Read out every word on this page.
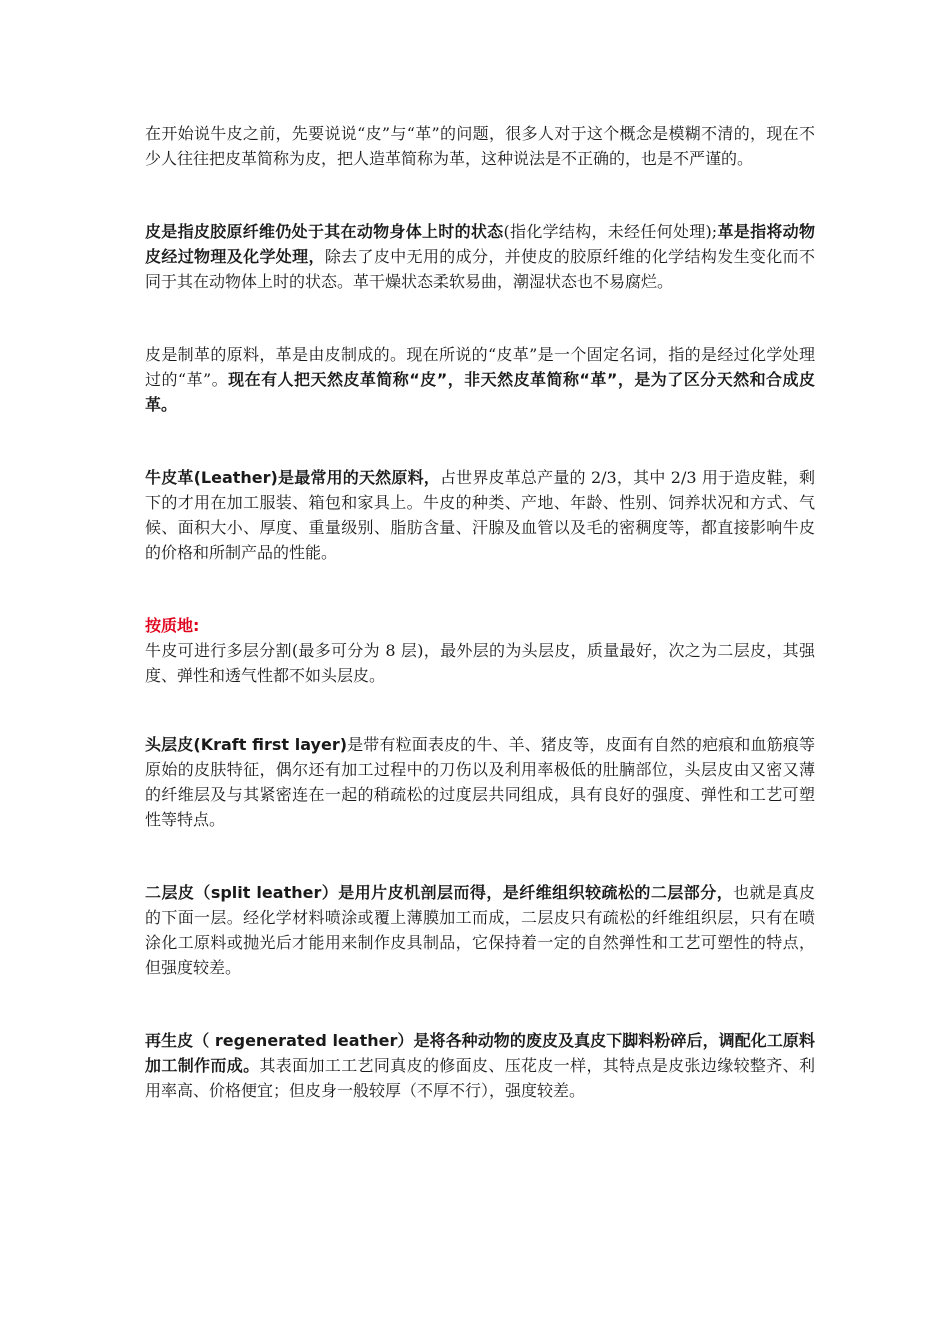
在开始说牛皮之前，先要说说“皮”与“革”的问题，很多人对于这个概念是模糊不清的，现在不少人往往把皮革简称为皮，把人造革简称为革，这种说法是不正确的，也是不严谨的。

皮是指皮胶原纤维仍处于其在动物身体上时的状态(指化学结构，未经任何处理);革是指将动物皮经过物理及化学处理，除去了皮中无用的成分，并使皮的胶原纤维的化学结构发生变化而不同于其在动物体上时的状态。革干燥状态柔软易曲，潮湿状态也不易腐烂。

皮是制革的原料，革是由皮制成的。现在所说的“皮革”是一个固定名词，指的是经过化学处理过的“革”。现在有人把天然皮革简称“皮”，非天然皮革简称“革”，是为了区分天然和合成皮革。

牛皮革(Leather)是最常用的天然原料，占世界皮革总产量的 2/3，其中 2/3 用于造皮鞋，剩下的才用在加工服装、箱包和家具上。牛皮的种类、产地、年龄、性别、饲养状况和方式、气候、面积大小、厚度、重量级别、脂肪含量、汗腺及血管以及毛的密稠度等，都直接影响牛皮的价格和所制产品的性能。

按质地:

牛皮可进行多层分割(最多可分为 8 层)，最外层的为头层皮，质量最好，次之为二层皮，其强度、弹性和透气性都不如头层皮。

头层皮(Kraft first layer)是带有粒面表皮的牛、羊、猪皮等，皮面有自然的疤痕和血筋痕等原始的皮肤特征，偶尔还有加工过程中的刀伤以及利用率极低的肚腩部位，头层皮由又密又薄的纤维层及与其紧密连在一起的稍疏松的过度层共同组成，具有良好的强度、弹性和工艺可塑性等特点。

二层皮（split leather）是用片皮机剖层而得，是纤维组织较疏松的二层部分，也就是真皮的下面一层。经化学材料喷涂或覆上薄膜加工而成，二层皮只有疏松的纤维组织层，只有在喷涂化工原料或抛光后才能用来制作皮具制品，它保持着一定的自然弹性和工艺可塑性的特点，但强度较差。

再生皮（ regenerated leather）是将各种动物的废皮及真皮下脚料粉碎后，调配化工原料加工制作而成。其表面加工工艺同真皮的修面皮、压花皮一样，其特点是皮张边缘较整齐、利用率高、价格便宜；但皮身一般较厚（不厚不行），强度较差。
